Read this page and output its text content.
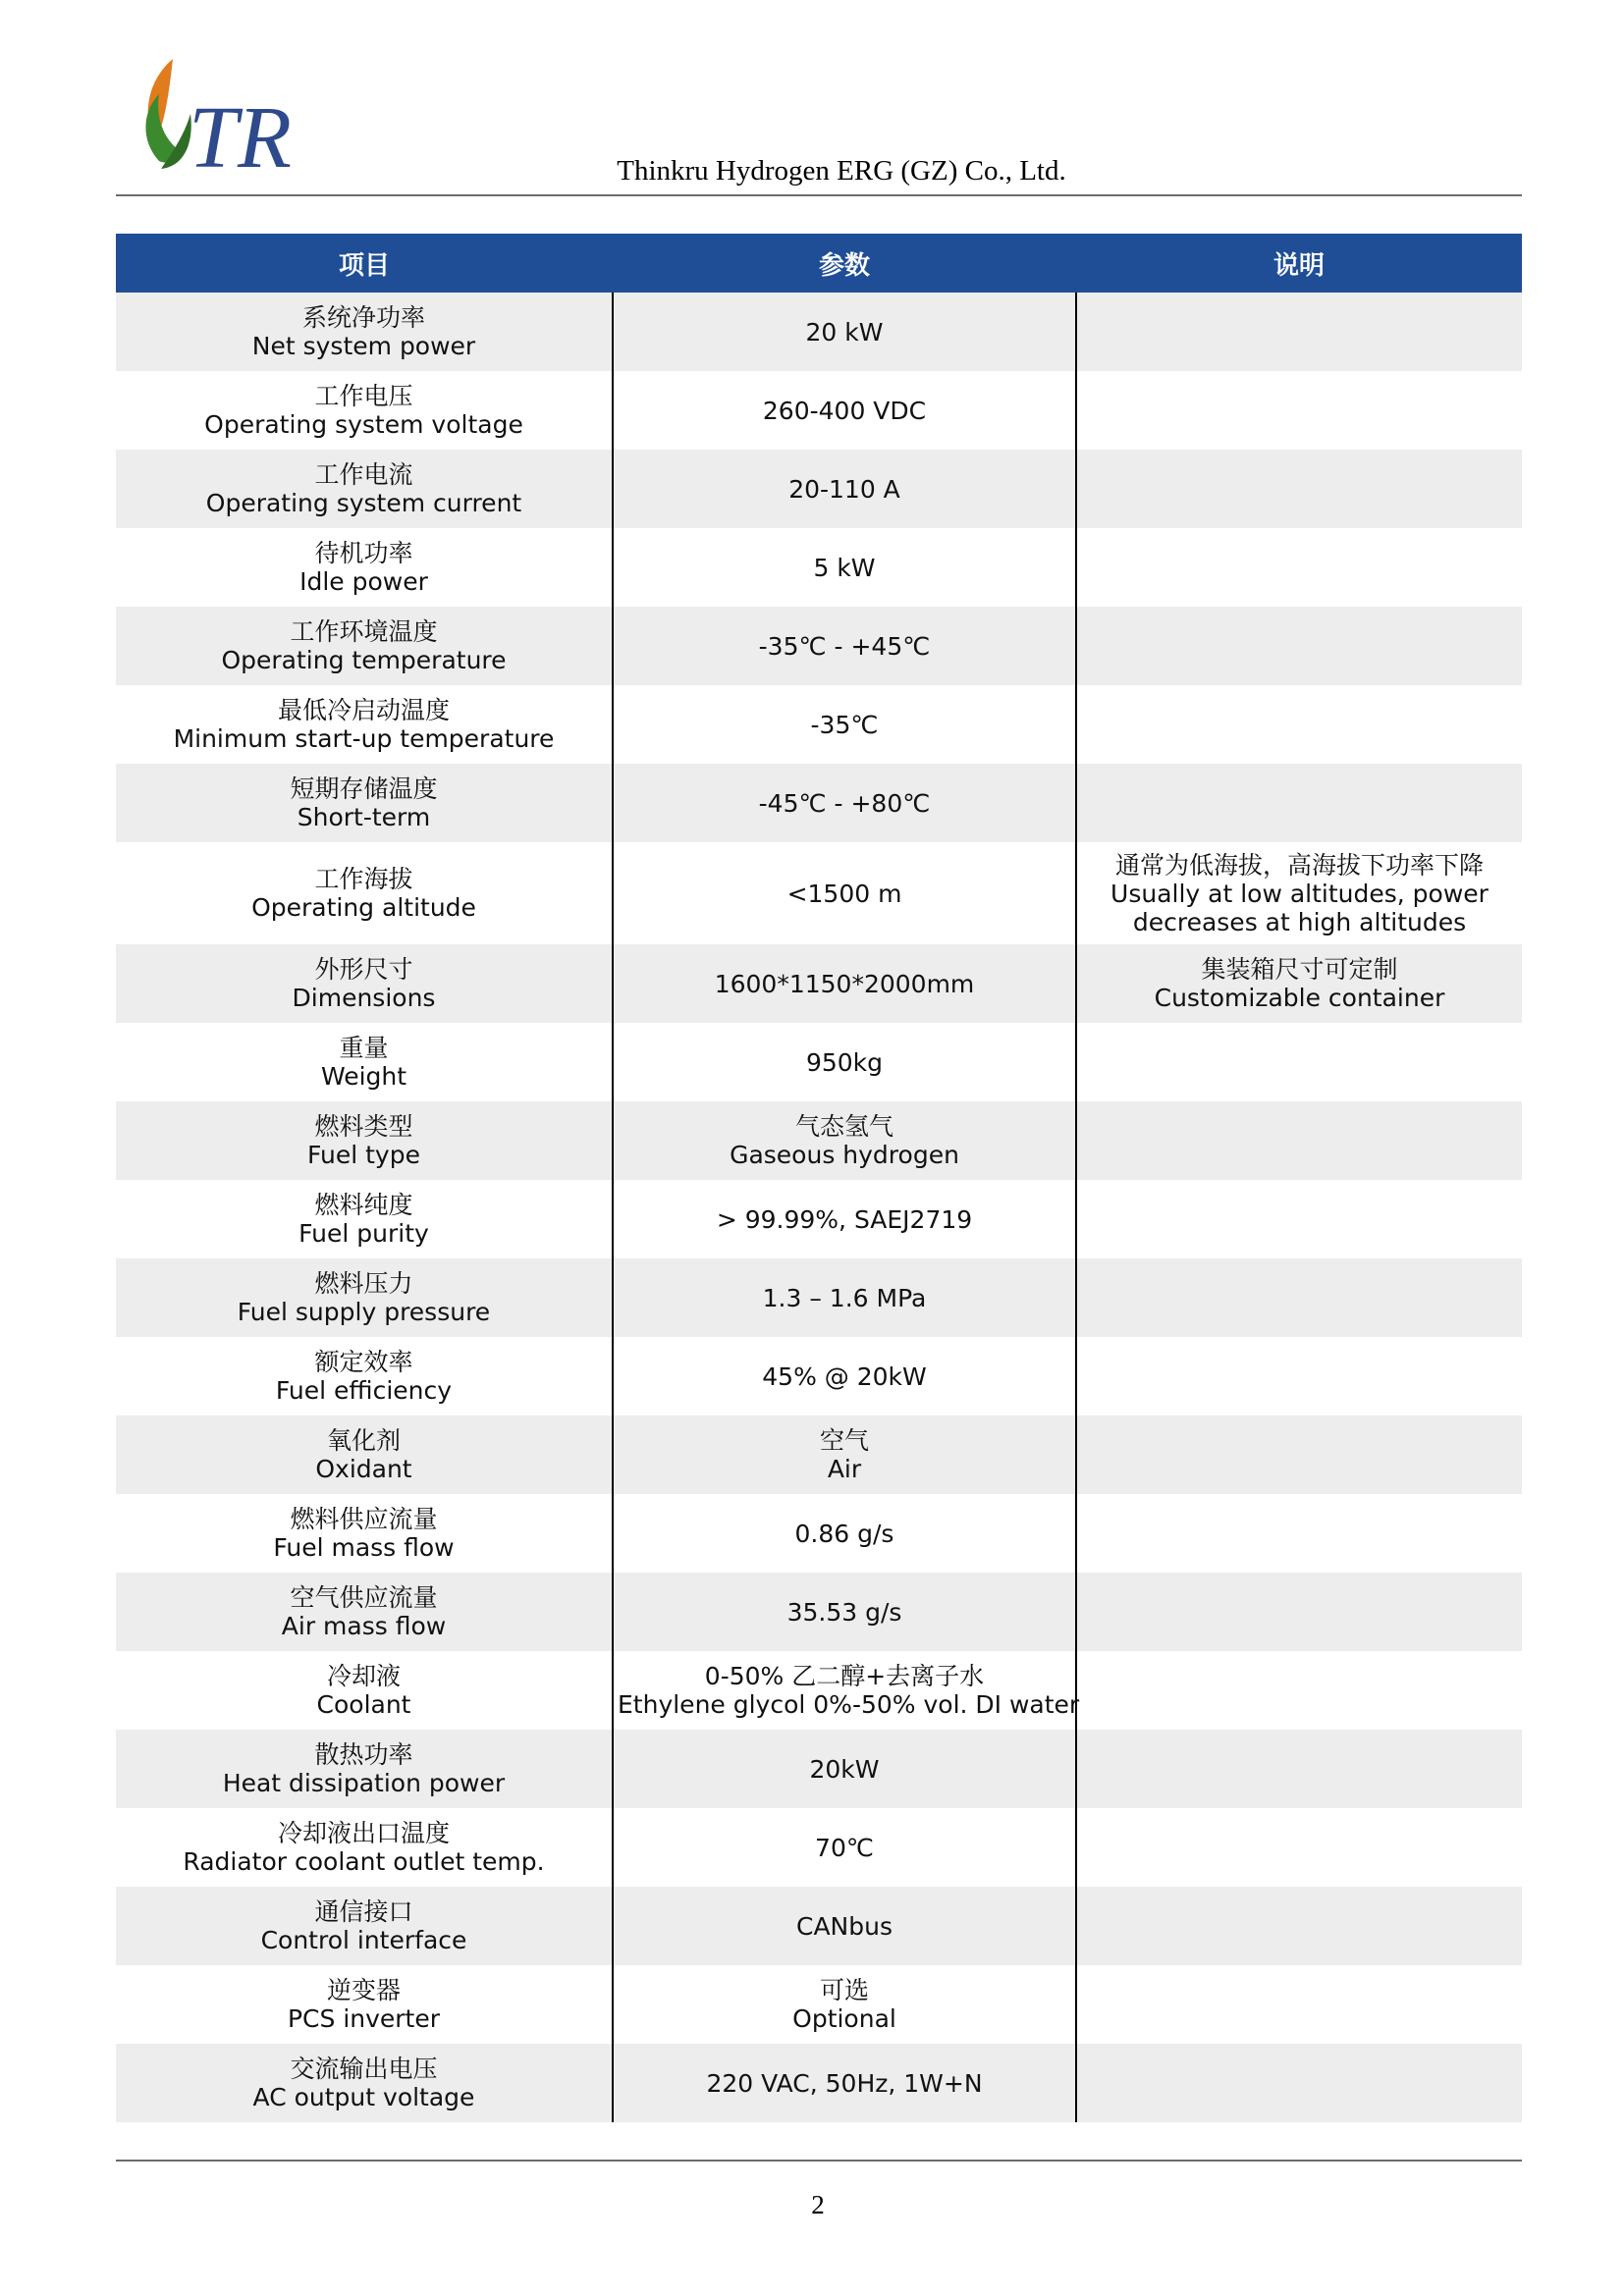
TR	Thinkru Hydrogen ERG (GZ) Co., Ltd.
项目	参数	说明

系统净功率
Net system power	20 kW	

工作电压
Operating system voltage	260-400 VDC	

工作电流
Operating system current	20-110 A	

待机功率
Idle power	5 kW	

工作环境温度
Operating temperature	-35℃ - +45℃	

最低冷启动温度
Minimum start-up temperature	-35℃	

短期存储温度
Short-term	-45℃ - +80℃	

工作海拔
Operating altitude	<1500 m	通常为低海拔，高海拔下功率下降
Usually at low altitudes, power decreases at high altitudes

外形尺寸
Dimensions	1600*1150*2000mm	集装箱尺寸可定制
Customizable container

重量
Weight	950kg	

燃料类型
Fuel type	气态氢气
Gaseous hydrogen	

燃料纯度
Fuel purity	> 99.99%, SAEJ2719	

燃料压力
Fuel supply pressure	1.3 – 1.6 MPa	

额定效率
Fuel efficiency	45% @ 20kW	

氧化剂
Oxidant	空气
Air	

燃料供应流量
Fuel mass flow	0.86 g/s	

空气供应流量
Air mass flow	35.53 g/s	

冷却液
Coolant	0-50% 乙二醇+去离子水
Ethylene glycol 0%-50% vol. DI water	

散热功率
Heat dissipation power	20kW	

冷却液出口温度
Radiator coolant outlet temp.	70℃	

通信接口
Control interface	CANbus	

逆变器
PCS inverter	可选
Optional	

交流输出电压
AC output voltage	220 VAC, 50Hz, 1W+N	

2
